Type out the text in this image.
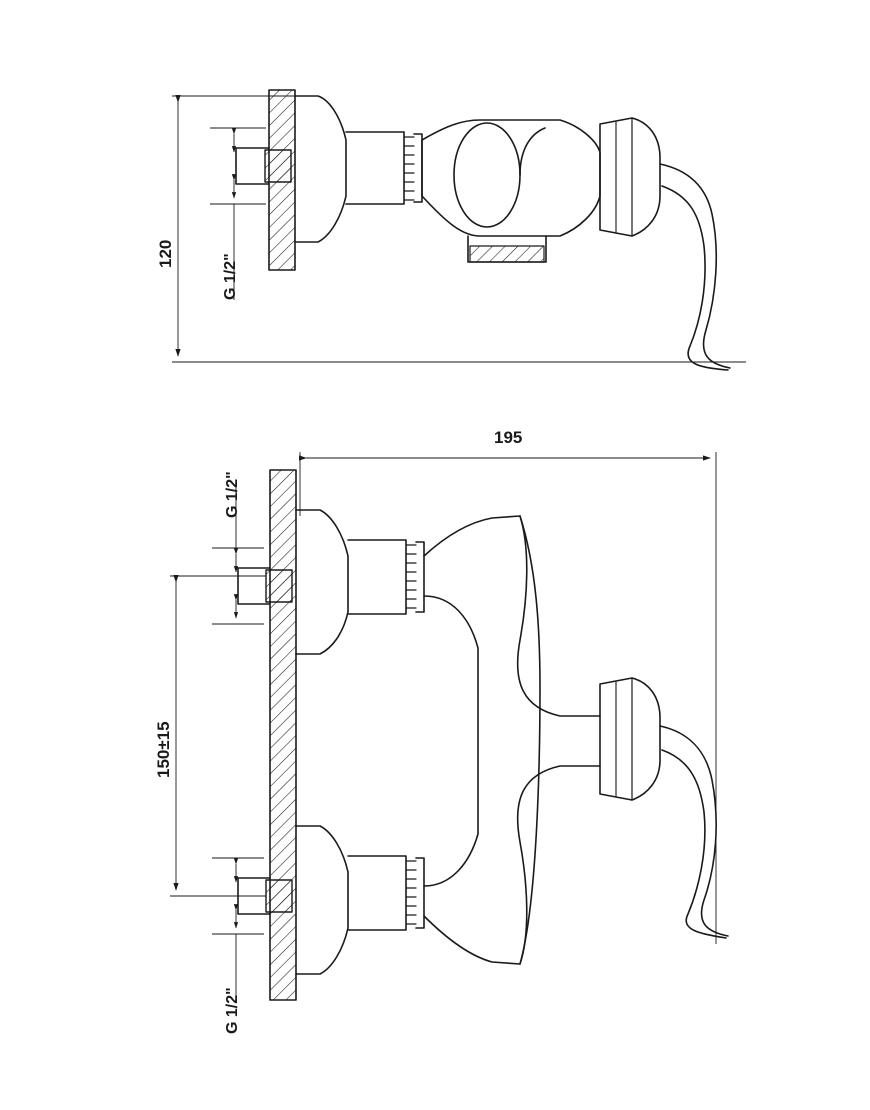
120	G 1/2"
195
150±15
G 1/2"
G 1/2"
